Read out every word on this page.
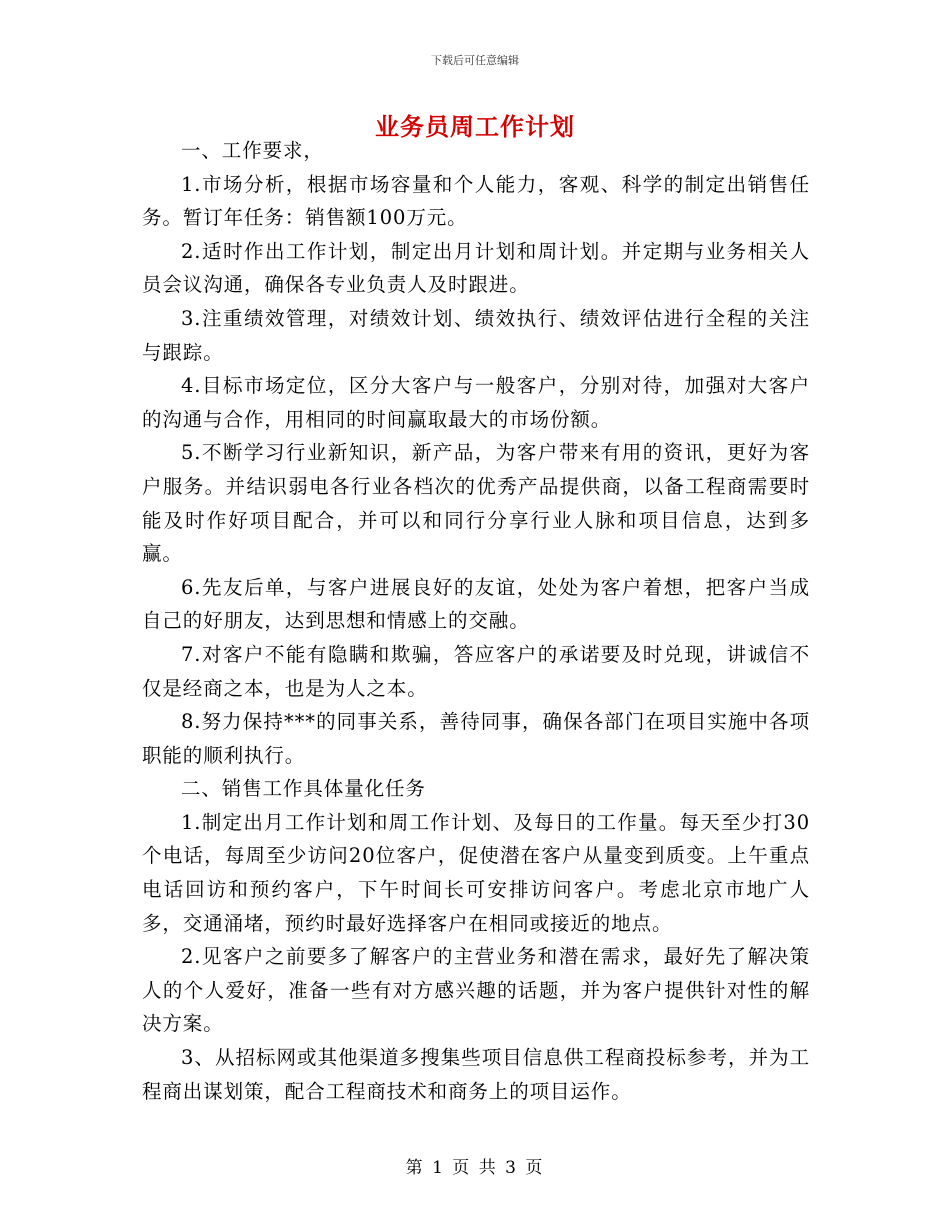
下载后可任意编辑
业务员周工作计划

一、工作要求，

1.市场分析，根据市场容量和个人能力，客观、科学的制定出销售任务。暂订年任务：销售额100万元。

2.适时作出工作计划，制定出月计划和周计划。并定期与业务相关人员会议沟通，确保各专业负责人及时跟进。

3.注重绩效管理，对绩效计划、绩效执行、绩效评估进行全程的关注与跟踪。

4.目标市场定位，区分大客户与一般客户，分别对待，加强对大客户的沟通与合作，用相同的时间赢取最大的市场份额。

5.不断学习行业新知识，新产品，为客户带来有用的资讯，更好为客户服务。并结识弱电各行业各档次的优秀产品提供商，以备工程商需要时能及时作好项目配合，并可以和同行分享行业人脉和项目信息，达到多赢。

6.先友后单，与客户进展良好的友谊，处处为客户着想，把客户当成自己的好朋友，达到思想和情感上的交融。

7.对客户不能有隐瞒和欺骗，答应客户的承诺要及时兑现，讲诚信不仅是经商之本，也是为人之本。

8.努力保持***的同事关系，善待同事，确保各部门在项目实施中各项职能的顺利执行。

二、销售工作具体量化任务

1.制定出月工作计划和周工作计划、及每日的工作量。每天至少打30个电话，每周至少访问20位客户，促使潜在客户从量变到质变。上午重点电话回访和预约客户，下午时间长可安排访问客户。考虑北京市地广人多，交通涌堵，预约时最好选择客户在相同或接近的地点。

2.见客户之前要多了解客户的主营业务和潜在需求，最好先了解决策人的个人爱好，准备一些有对方感兴趣的话题，并为客户提供针对性的解决方案。

3、从招标网或其他渠道多搜集些项目信息供工程商投标参考，并为工程商出谋划策，配合工程商技术和商务上的项目运作。

第 1 页 共 3 页
